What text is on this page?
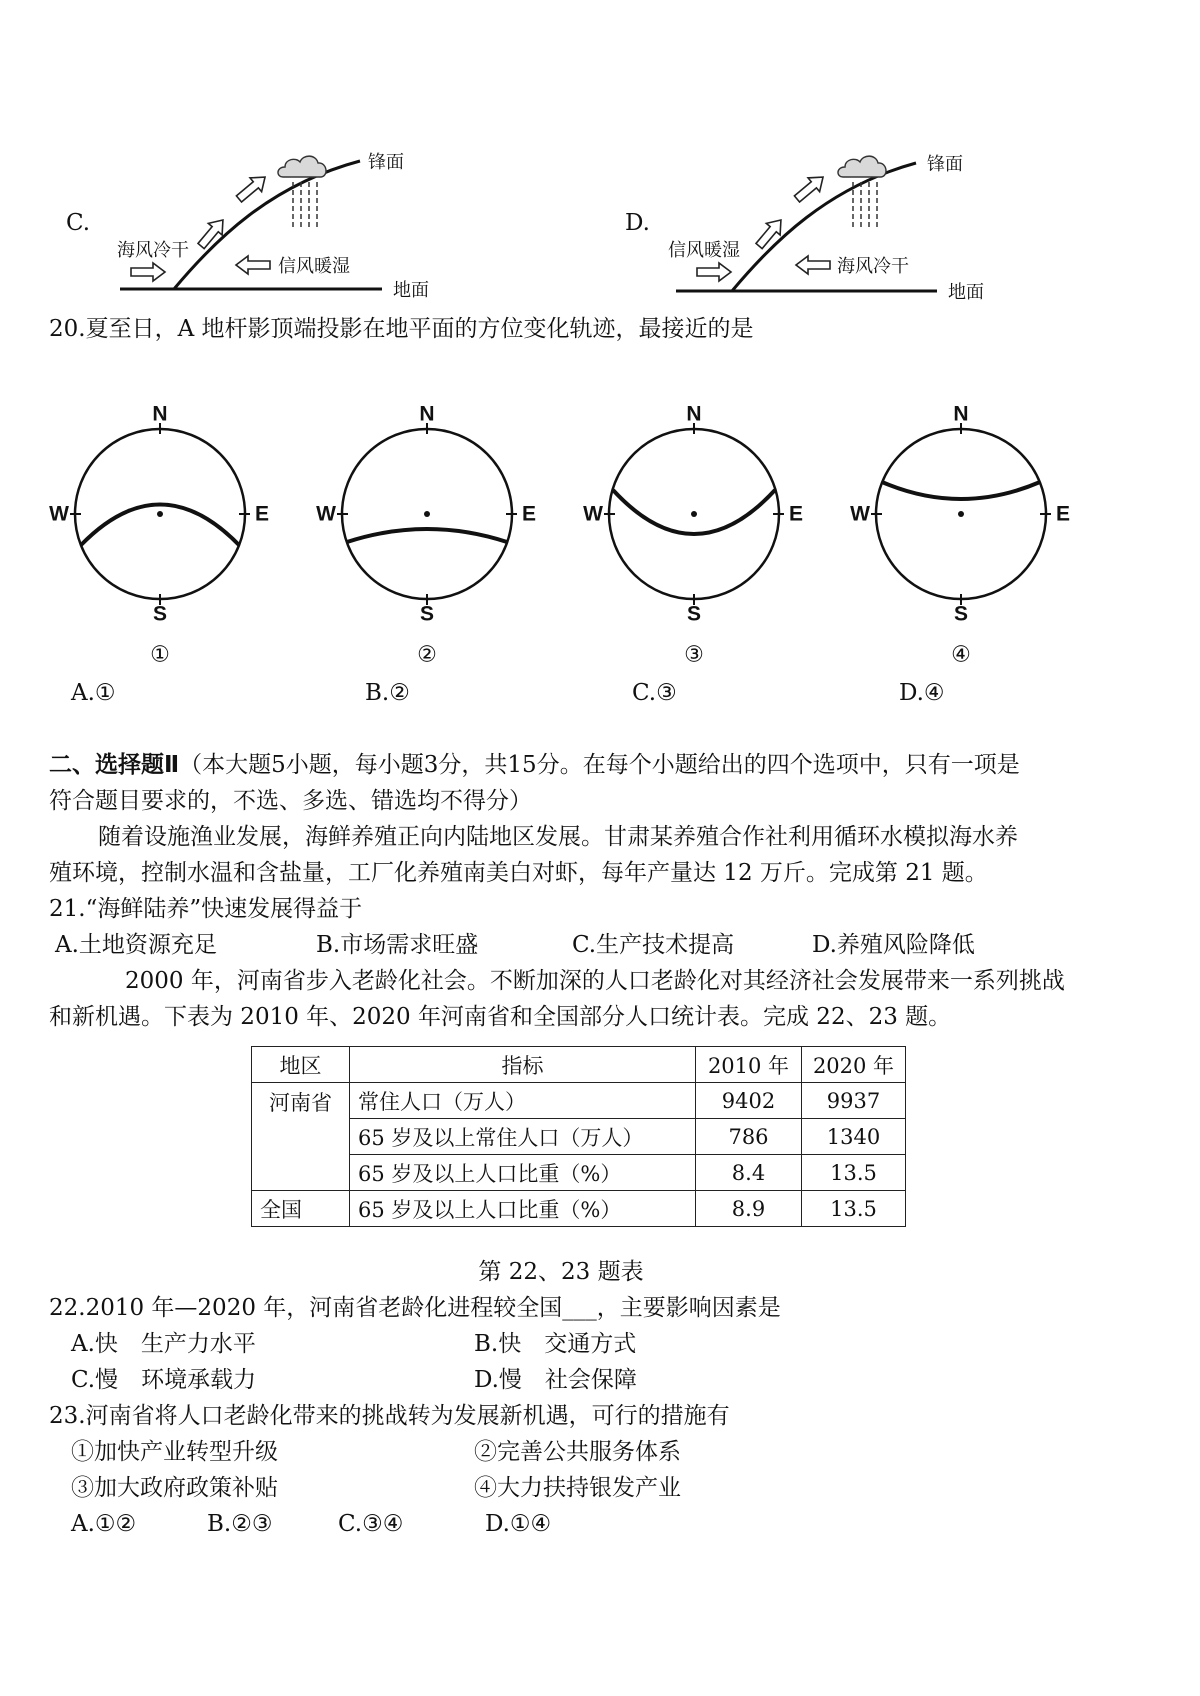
C.	D.
地面
锋面
海风冷干
信风暖湿
地面
锋面
信风暖湿
海风冷干
20.夏至日，A 地杆影顶端投影在地平面的方位变化轨迹，最接近的是
N
S
W	E
①
N
S
W	E
②
N
S
W	E
③
N
S
W	E
④
A.①	B.②	C.③	D.④
二、选择题Ⅱ（本大题5小题，每小题3分，共15分。在每个小题给出的四个选项中，只有一项是
符合题目要求的，不选、多选、错选均不得分）
随着设施渔业发展，海鲜养殖正向内陆地区发展。甘肃某养殖合作社利用循环水模拟海水养
殖环境，控制水温和含盐量，工厂化养殖南美白对虾，每年产量达 12 万斤。完成第 21 题。
21.“海鲜陆养”快速发展得益于
A.土地资源充足	B.市场需求旺盛	C.生产技术提高	D.养殖风险降低
2000 年，河南省步入老龄化社会。不断加深的人口老龄化对其经济社会发展带来一系列挑战
和新机遇。下表为 2010 年、2020 年河南省和全国部分人口统计表。完成 22、23 题。
地区	指标	2010 年	2020 年
河南省	常住人口（万人）	9402	9937
	65 岁及以上常住人口（万人）	786	1340
	65 岁及以上人口比重（%）	8.4	13.5
全国	65 岁及以上人口比重（%）	8.9	13.5
第 22、23 题表
22.2010 年—2020 年，河南省老龄化进程较全国___，主要影响因素是
A.快　生产力水平	B.快　交通方式
C.慢　环境承载力	D.慢　社会保障
23.河南省将人口老龄化带来的挑战转为发展新机遇，可行的措施有
①加快产业转型升级	②完善公共服务体系
③加大政府政策补贴	④大力扶持银发产业
A.①②	B.②③	C.③④	D.①④
